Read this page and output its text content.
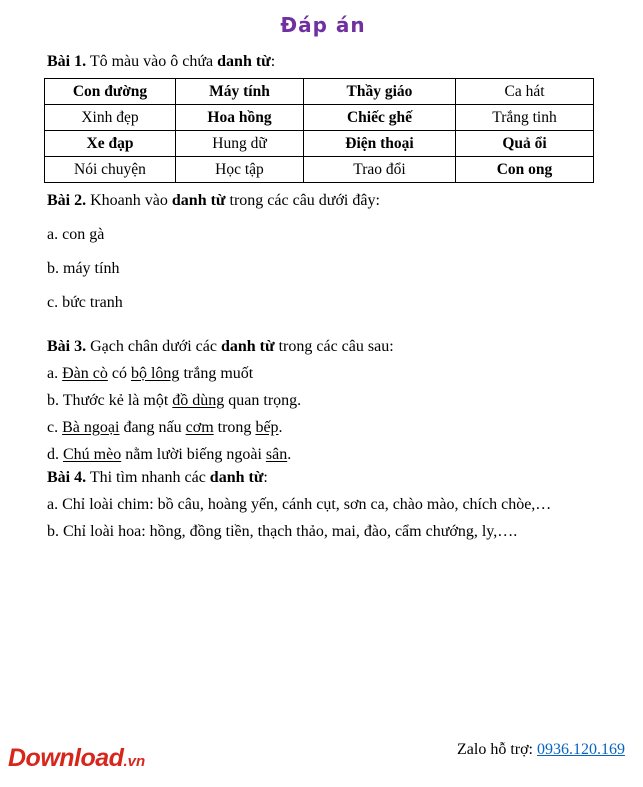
Đáp án

Bài 1. Tô màu vào ô chứa danh từ:

Con đường	Máy tính	Thầy giáo	Ca hát
Xinh đẹp	Hoa hồng	Chiếc ghế	Trắng tinh
Xe đạp	Hung dữ	Điện thoại	Quả ổi
Nói chuyện	Học tập	Trao đổi	Con ong

Bài 2. Khoanh vào danh từ trong các câu dưới đây:

a. con gà

b. máy tính

c. bức tranh

Bài 3. Gạch chân dưới các danh từ trong các câu sau:

a. Đàn cò có bộ lông trắng muốt

b. Thước kẻ là một đồ dùng quan trọng.

c. Bà ngoại đang nấu cơm trong bếp.

d. Chú mèo nằm lười biếng ngoài sân.

Bài 4. Thi tìm nhanh các danh từ:

a. Chỉ loài chim: bồ câu, hoàng yến, cánh cụt, sơn ca, chào mào, chích chòe,…

b. Chỉ loài hoa: hồng, đồng tiền, thạch thảo, mai, đào, cẩm chướng, ly,….

Download.vn
Zalo hỗ trợ: 0936.120.169
